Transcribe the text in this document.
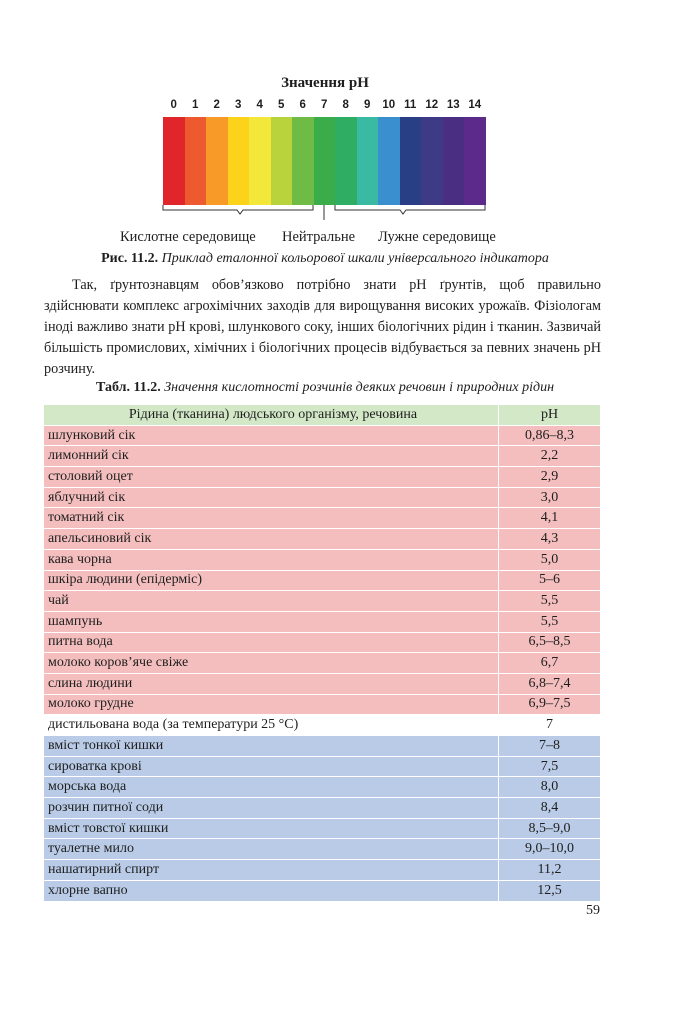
Значення pH
0	1	2	3	4	5	6	7	8	9	10 11 12 13 14
Кислотне середовище Нейтральне Лужне середовище
Рис. 11.2. Приклад еталонної кольорової шкали універсального індикатора

Так, ґрунтознавцям обов’язково потрібно знати pH ґрунтів, щоб правильно здійснювати комплекс агрохімічних заходів для вирощування високих урожаїв. Фізіологам іноді важливо знати pH крові, шлункового соку, інших біологічних рідин і тканин. Зазвичай більшість промислових, хімічних і біологічних процесів відбувається за певних значень pH розчину.

Табл. 11.2. Значення кислотності розчинів деяких речовин і природних рідин
Рідина (тканина) людського організму, речовина	pH
шлунковий сік	0,86–8,3
лимонний сік	2,2
столовий оцет	2,9
яблучний сік	3,0
томатний сік	4,1
апельсиновий сік	4,3
кава чорна	5,0
шкіра людини (епідерміс)	5–6
чай	5,5
шампунь	5,5
питна вода	6,5–8,5
молоко коров’яче свіже	6,7
слина людини	6,8–7,4
молоко грудне	6,9–7,5
дистильована вода (за температури 25 °С)	7
вміст тонкої кишки	7–8
сироватка крові	7,5
морська вода	8,0
розчин питної соди	8,4
вміст товстої кишки	8,5–9,0
туалетне мило	9,0–10,0
нашатирний спирт	11,2
хлорне вапно	12,5
59
